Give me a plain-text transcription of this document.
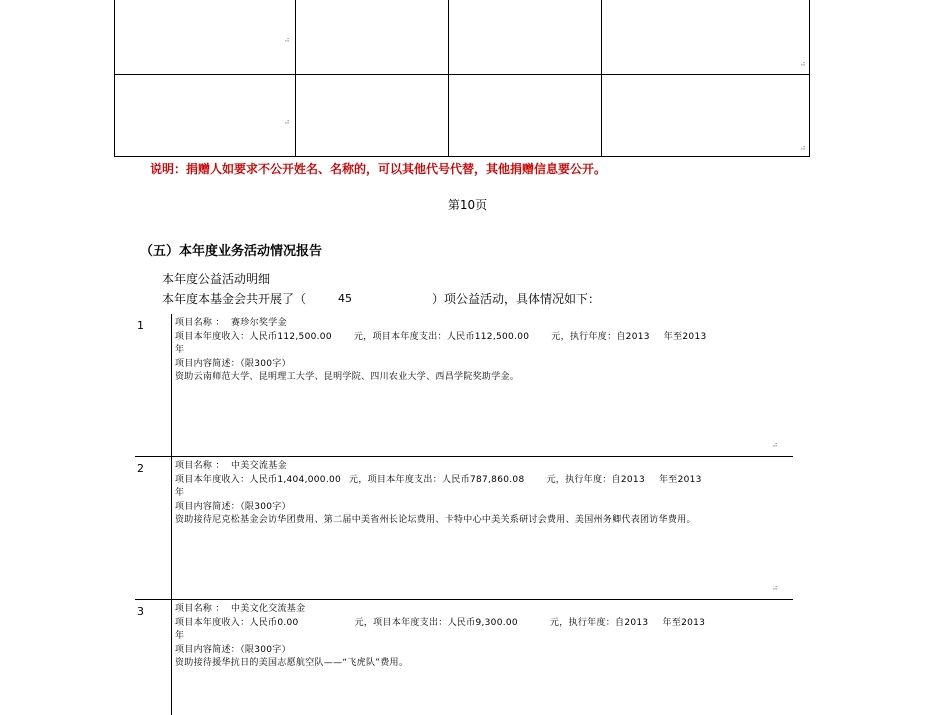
⠴
⠴
⠴
⠴
说明：捐赠人如要求不公开姓名、名称的，可以其他代号代替，其他捐赠信息要公开。
第10页
（五）本年度业务活动情况报告
本年度公益活动明细
本年度本基金会共开展了（	45	）项公益活动，具体情况如下：
1	项目名称 ： 赛珍尔奖学金
项目本年度收入：人民币112,500.00 元，项目本年度支出：人民币112,500.00 元，执行年度：自2013 年至2013
年
项目内容简述：（限300字）
资助云南师范大学、昆明理工大学、昆明学院、四川农业大学、西昌学院奖助学金。
⠴
2	项目名称 ： 中美交流基金
项目本年度收入：人民币1,404,000.00 元，项目本年度支出：人民币787,860.08 元，执行年度：自2013 年至2013
年
项目内容简述：（限300字）
资助接待尼克松基金会访华团费用、第二届中美省州长论坛费用、卡特中心中美关系研讨会费用、美国州务卿代表团访华费用。
⠴
3	项目名称 ： 中美文化交流基金
项目本年度收入：人民币0.00	元，项目本年度支出：人民币9,300.00	元，执行年度：自2013 年至2013
年
项目内容简述：（限300字）
资助接待援华抗日的美国志愿航空队——“飞虎队”费用。
